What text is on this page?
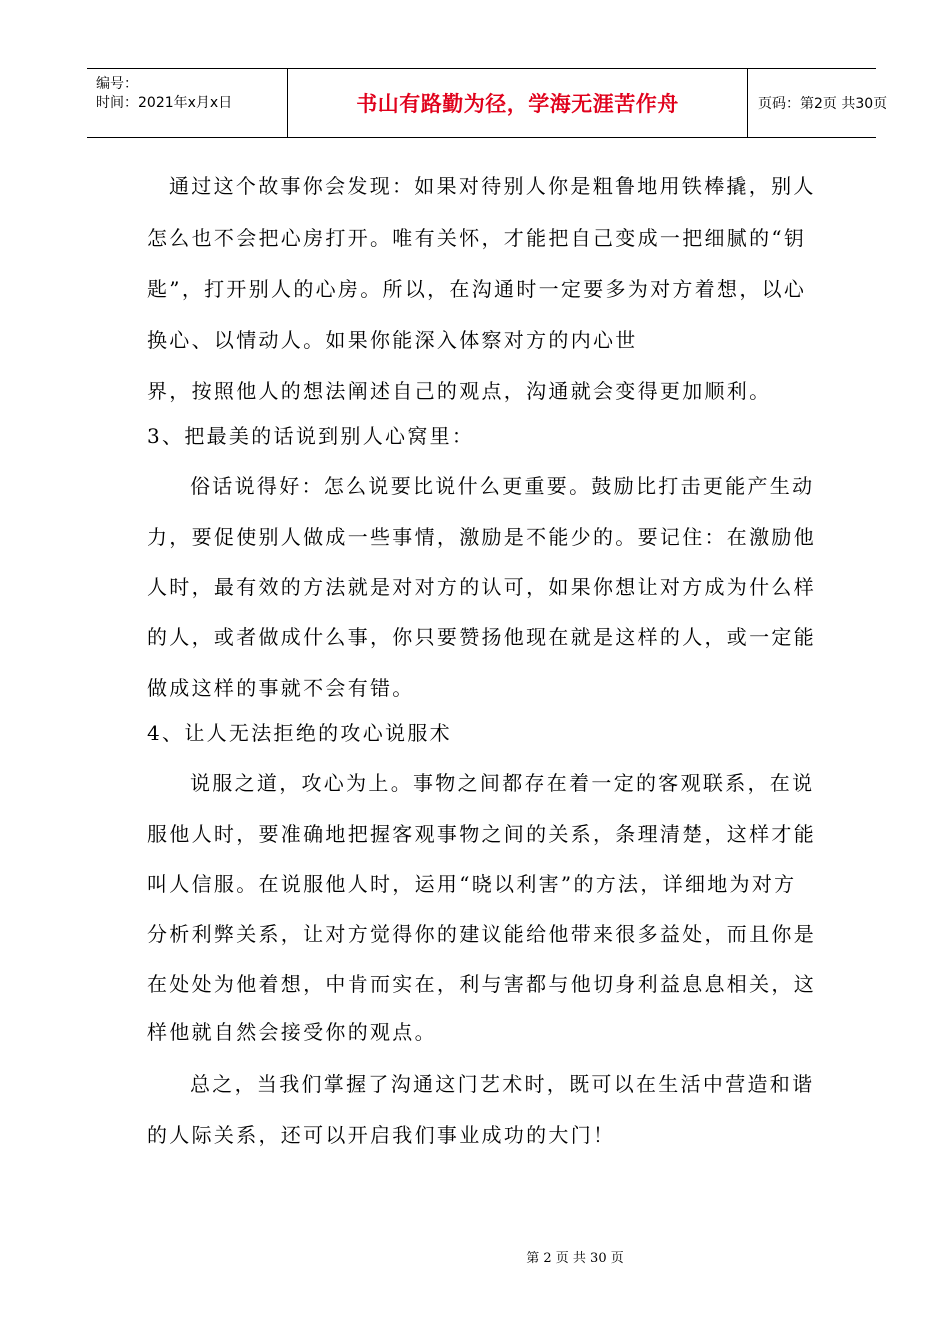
编号：
时间：2021年x月x日	书山有路勤为径，学海无涯苦作舟	页码：第2页 共30页
通过这个故事你会发现：如果对待别人你是粗鲁地用铁棒撬，别人
怎么也不会把心房打开。唯有关怀，才能把自己变成一把细腻的“钥
匙”，打开别人的心房。所以，在沟通时一定要多为对方着想，以心
换心、以情动人。如果你能深入体察对方的内心世
界，按照他人的想法阐述自己的观点，沟通就会变得更加顺利。
3、把最美的话说到别人心窝里：
俗话说得好：怎么说要比说什么更重要。鼓励比打击更能产生动
力，要促使别人做成一些事情，激励是不能少的。要记住：在激励他
人时，最有效的方法就是对对方的认可，如果你想让对方成为什么样
的人，或者做成什么事，你只要赞扬他现在就是这样的人，或一定能
做成这样的事就不会有错。
4、让人无法拒绝的攻心说服术
说服之道，攻心为上。事物之间都存在着一定的客观联系，在说
服他人时，要准确地把握客观事物之间的关系，条理清楚，这样才能
叫人信服。在说服他人时，运用“晓以利害”的方法，详细地为对方
分析利弊关系，让对方觉得你的建议能给他带来很多益处，而且你是
在处处为他着想，中肯而实在，利与害都与他切身利益息息相关，这
样他就自然会接受你的观点。
总之，当我们掌握了沟通这门艺术时，既可以在生活中营造和谐
的人际关系，还可以开启我们事业成功的大门！
第 2 页 共 30 页
